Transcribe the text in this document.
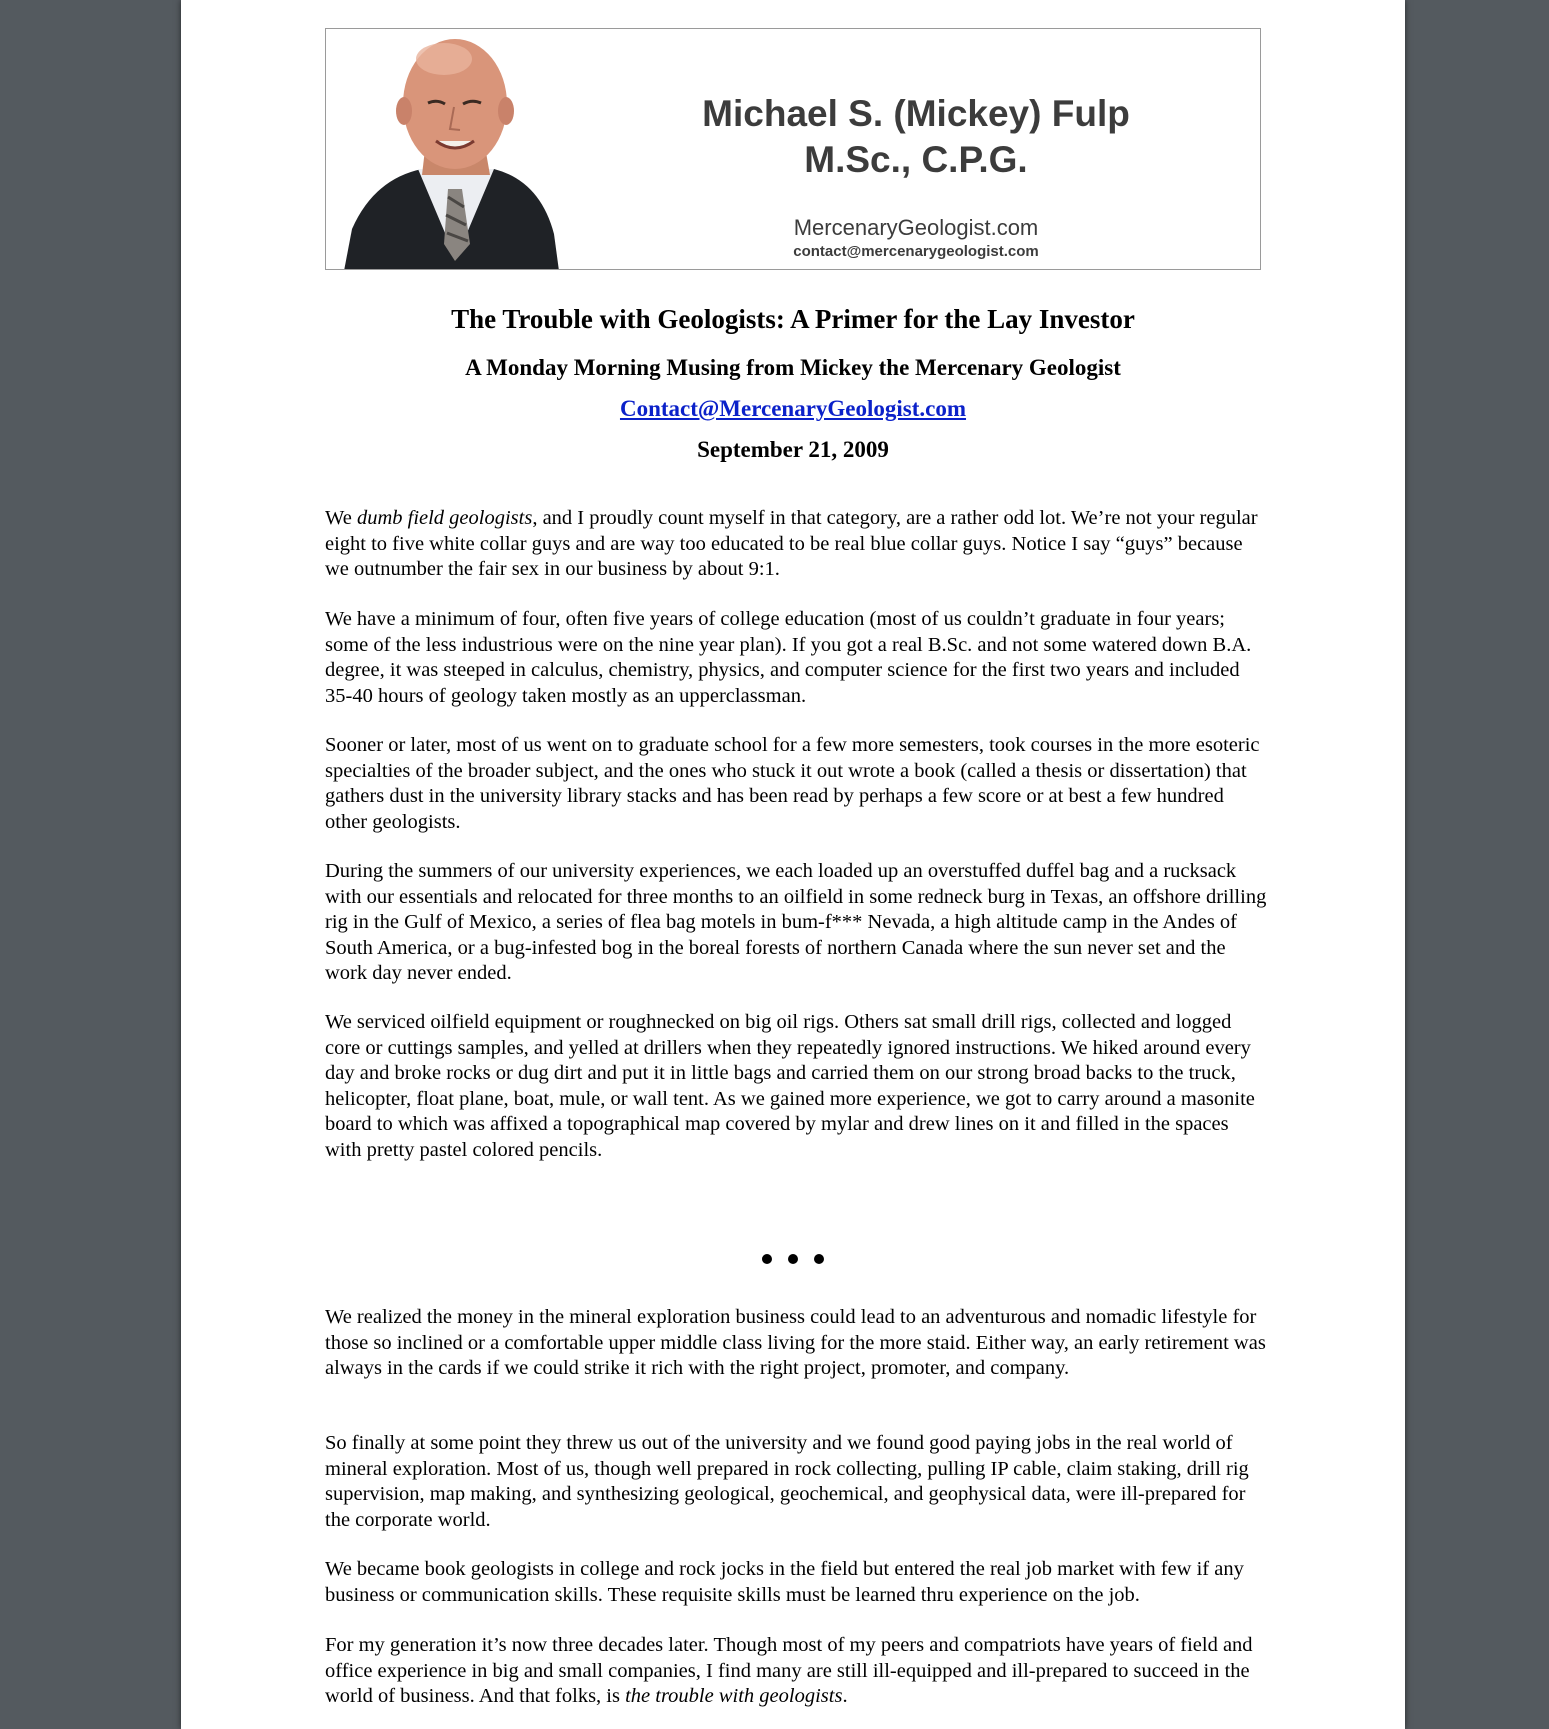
Michael S. (Mickey) Fulp
M.Sc., C.P.G.
MercenaryGeologist.com
contact@mercenarygeologist.com
The Trouble with Geologists: A Primer for the Lay Investor
A Monday Morning Musing from Mickey the Mercenary Geologist
Contact@MercenaryGeologist.com
September 21, 2009

We dumb field geologists, and I proudly count myself in that category, are a rather odd lot. We’re not your regular eight to five white collar guys and are way too educated to be real blue collar guys. Notice I say “guys” because we outnumber the fair sex in our business by about 9:1.

We have a minimum of four, often five years of college education (most of us couldn’t graduate in four years; some of the less industrious were on the nine year plan). If you got a real B.Sc. and not some watered down B.A. degree, it was steeped in calculus, chemistry, physics, and computer science for the first two years and included 35-40 hours of geology taken mostly as an upperclassman.

Sooner or later, most of us went on to graduate school for a few more semesters, took courses in the more esoteric specialties of the broader subject, and the ones who stuck it out wrote a book (called a thesis or dissertation) that gathers dust in the university library stacks and has been read by perhaps a few score or at best a few hundred other geologists.

During the summers of our university experiences, we each loaded up an overstuffed duffel bag and a rucksack with our essentials and relocated for three months to an oilfield in some redneck burg in Texas, an offshore drilling rig in the Gulf of Mexico, a series of flea bag motels in bum-f*** Nevada, a high altitude camp in the Andes of South America, or a bug-infested bog in the boreal forests of northern Canada where the sun never set and the work day never ended.

We serviced oilfield equipment or roughnecked on big oil rigs. Others sat small drill rigs, collected and logged core or cuttings samples, and yelled at drillers when they repeatedly ignored instructions. We hiked around every day and broke rocks or dug dirt and put it in little bags and carried them on our strong broad backs to the truck, helicopter, float plane, boat, mule, or wall tent. As we gained more experience, we got to carry around a masonite board to which was affixed a topographical map covered by mylar and drew lines on it and filled in the spaces with pretty pastel colored pencils.

We realized the money in the mineral exploration business could lead to an adventurous and nomadic lifestyle for those so inclined or a comfortable upper middle class living for the more staid. Either way, an early retirement was always in the cards if we could strike it rich with the right project, promoter, and company.

So finally at some point they threw us out of the university and we found good paying jobs in the real world of mineral exploration. Most of us, though well prepared in rock collecting, pulling IP cable, claim staking, drill rig supervision, map making, and synthesizing geological, geochemical, and geophysical data, were ill-prepared for the corporate world.

We became book geologists in college and rock jocks in the field but entered the real job market with few if any business or communication skills. These requisite skills must be learned thru experience on the job.

For my generation it’s now three decades later. Though most of my peers and compatriots have years of field and office experience in big and small companies, I find many are still ill-equipped and ill-prepared to succeed in the world of business. And that folks, is the trouble with geologists.
